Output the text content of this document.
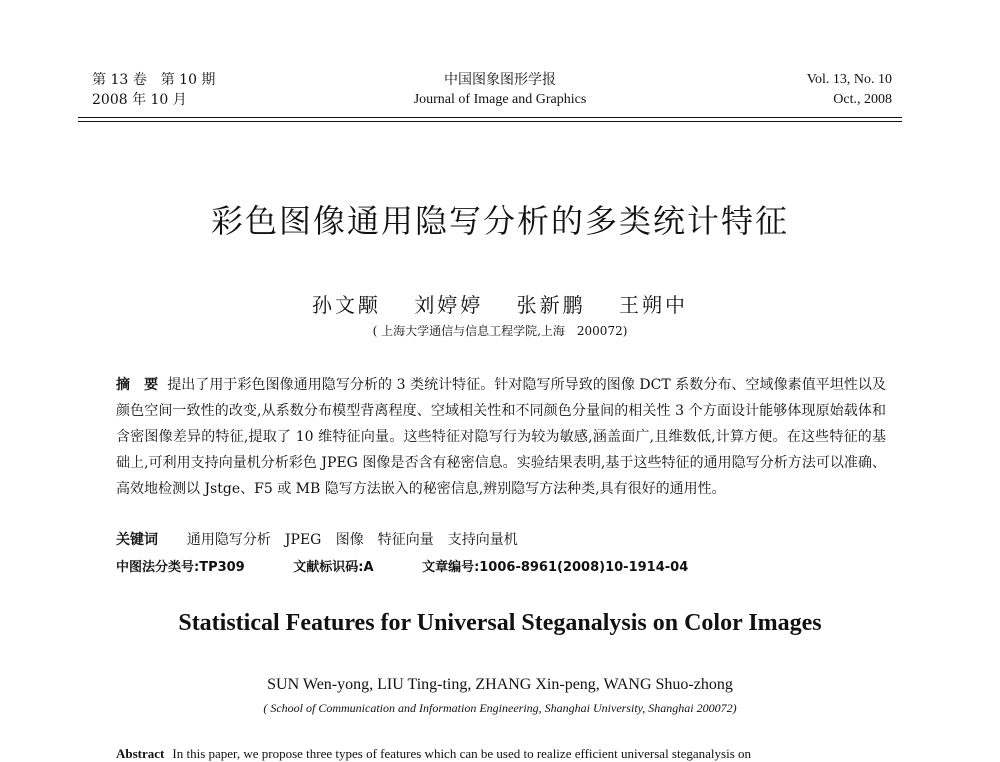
第 13 卷　第 10 期
2008 年 10 月
中国图象图形学报
Journal of Image and Graphics
Vol. 13, No. 10
Oct., 2008
彩色图像通用隐写分析的多类统计特征
孙文颙 刘婷婷 张新鹏 王朔中
( 上海大学通信与信息工程学院,上海　200072)
摘　要 提出了用于彩色图像通用隐写分析的 3 类统计特征。针对隐写所导致的图像 DCT 系数分布、空域像素值平坦性以及颜色空间一致性的改变,从系数分布模型背离程度、空域相关性和不同颜色分量间的相关性 3 个方面设计能够体现原始载体和含密图像差异的特征,提取了 10 维特征向量。这些特征对隐写行为较为敏感,涵盖面广,且维数低,计算方便。在这些特征的基础上,可利用支持向量机分析彩色 JPEG 图像是否含有秘密信息。实验结果表明,基于这些特征的通用隐写分析方法可以准确、高效地检测以 Jstge、F5 或 MB 隐写方法嵌入的秘密信息,辨别隐写方法种类,具有很好的通用性。
关键词 通用隐写分析　JPEG 图像　特征向量　支持向量机
中图法分类号:TP309	文献标识码:A	文章编号:1006-8961(2008)10-1914-04
Statistical Features for Universal Steganalysis on Color Images
SUN Wen-yong, LIU Ting-ting, ZHANG Xin-peng, WANG Shuo-zhong
( School of Communication and Information Engineering, Shanghai University, Shanghai 200072)
Abstract In this paper, we propose three types of features which can be used to realize efficient universal steganalysis on
